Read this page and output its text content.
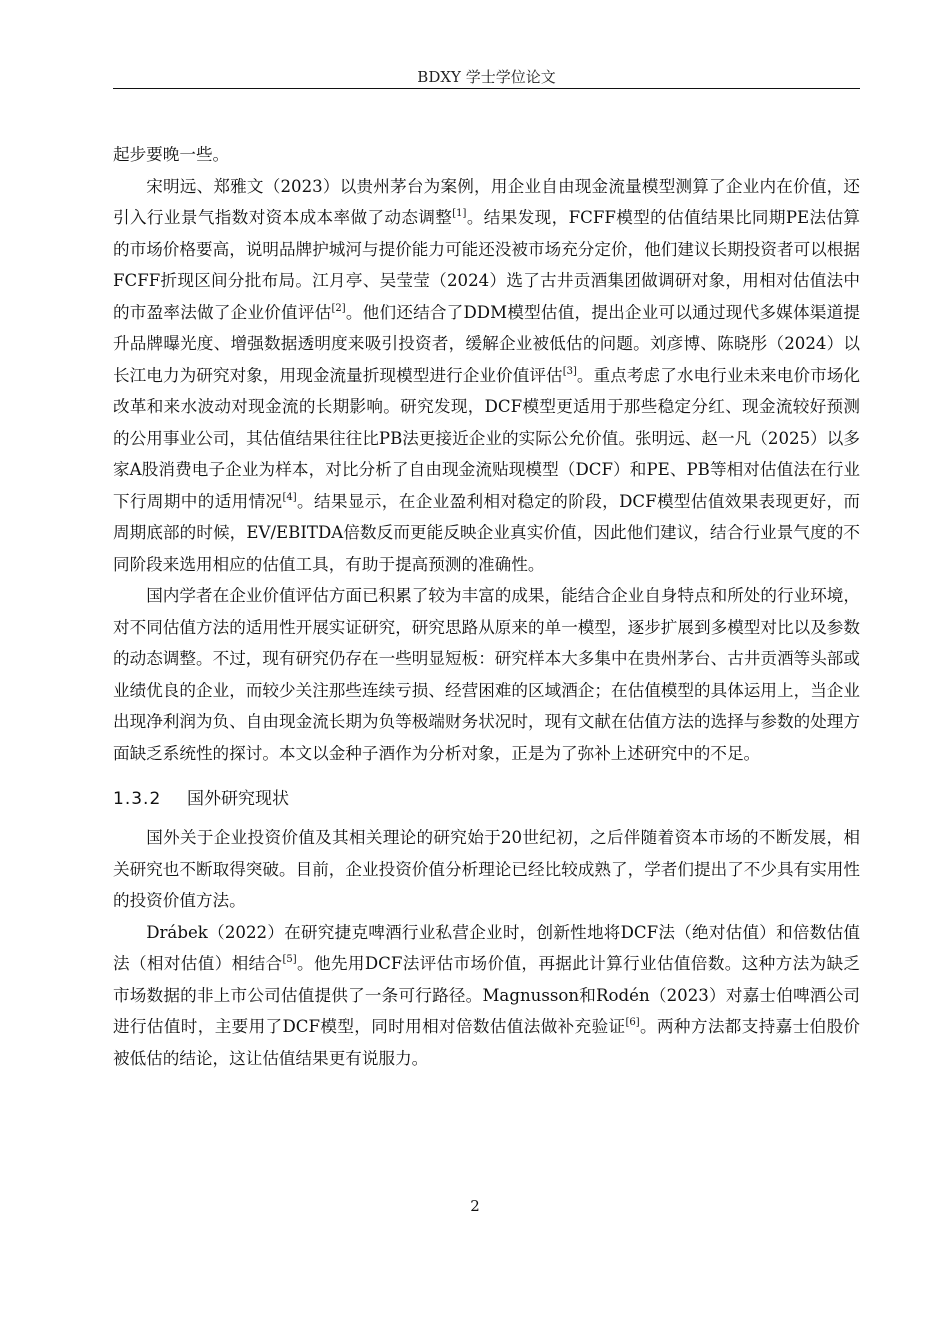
BDXY 学士学位论文

起步要晚一些。

宋明远、郑雅文（2023）以贵州茅台为案例，用企业自由现金流量模型测算了企业内在价值，还引入行业景气指数对资本成本率做了动态调整[1]。结果发现，FCFF模型的估值结果比同期PE法估算的市场价格要高，说明品牌护城河与提价能力可能还没被市场充分定价，他们建议长期投资者可以根据FCFF折现区间分批布局。江月亭、吴莹莹（2024）选了古井贡酒集团做调研对象，用相对估值法中的市盈率法做了企业价值评估[2]。他们还结合了DDM模型估值，提出企业可以通过现代多媒体渠道提升品牌曝光度、增强数据透明度来吸引投资者，缓解企业被低估的问题。刘彦博、陈晓彤（2024）以长江电力为研究对象，用现金流量折现模型进行企业价值评估[3]。重点考虑了水电行业未来电价市场化改革和来水波动对现金流的长期影响。研究发现，DCF模型更适用于那些稳定分红、现金流较好预测的公用事业公司，其估值结果往往比PB法更接近企业的实际公允价值。张明远、赵一凡（2025）以多家A股消费电子企业为样本，对比分析了自由现金流贴现模型（DCF）和PE、PB等相对估值法在行业下行周期中的适用情况[4]。结果显示，在企业盈利相对稳定的阶段，DCF模型估值效果表现更好，而周期底部的时候，EV/EBITDA倍数反而更能反映企业真实价值，因此他们建议，结合行业景气度的不同阶段来选用相应的估值工具，有助于提高预测的准确性。

国内学者在企业价值评估方面已积累了较为丰富的成果，能结合企业自身特点和所处的行业环境，对不同估值方法的适用性开展实证研究，研究思路从原来的单一模型，逐步扩展到多模型对比以及参数的动态调整。不过，现有研究仍存在一些明显短板：研究样本大多集中在贵州茅台、古井贡酒等头部或业绩优良的企业，而较少关注那些连续亏损、经营困难的区域酒企；在估值模型的具体运用上，当企业出现净利润为负、自由现金流长期为负等极端财务状况时，现有文献在估值方法的选择与参数的处理方面缺乏系统性的探讨。本文以金种子酒作为分析对象，正是为了弥补上述研究中的不足。

1.3.2 国外研究现状

国外关于企业投资价值及其相关理论的研究始于20世纪初，之后伴随着资本市场的不断发展，相关研究也不断取得突破。目前，企业投资价值分析理论已经比较成熟了，学者们提出了不少具有实用性的投资价值方法。

Drábek（2022）在研究捷克啤酒行业私营企业时，创新性地将DCF法（绝对估值）和倍数估值法（相对估值）相结合[5]。他先用DCF法评估市场价值，再据此计算行业估值倍数。这种方法为缺乏市场数据的非上市公司估值提供了一条可行路径。Magnusson和Rodén（2023）对嘉士伯啤酒公司进行估值时，主要用了DCF模型，同时用相对倍数估值法做补充验证[6]。两种方法都支持嘉士伯股价被低估的结论，这让估值结果更有说服力。

2
